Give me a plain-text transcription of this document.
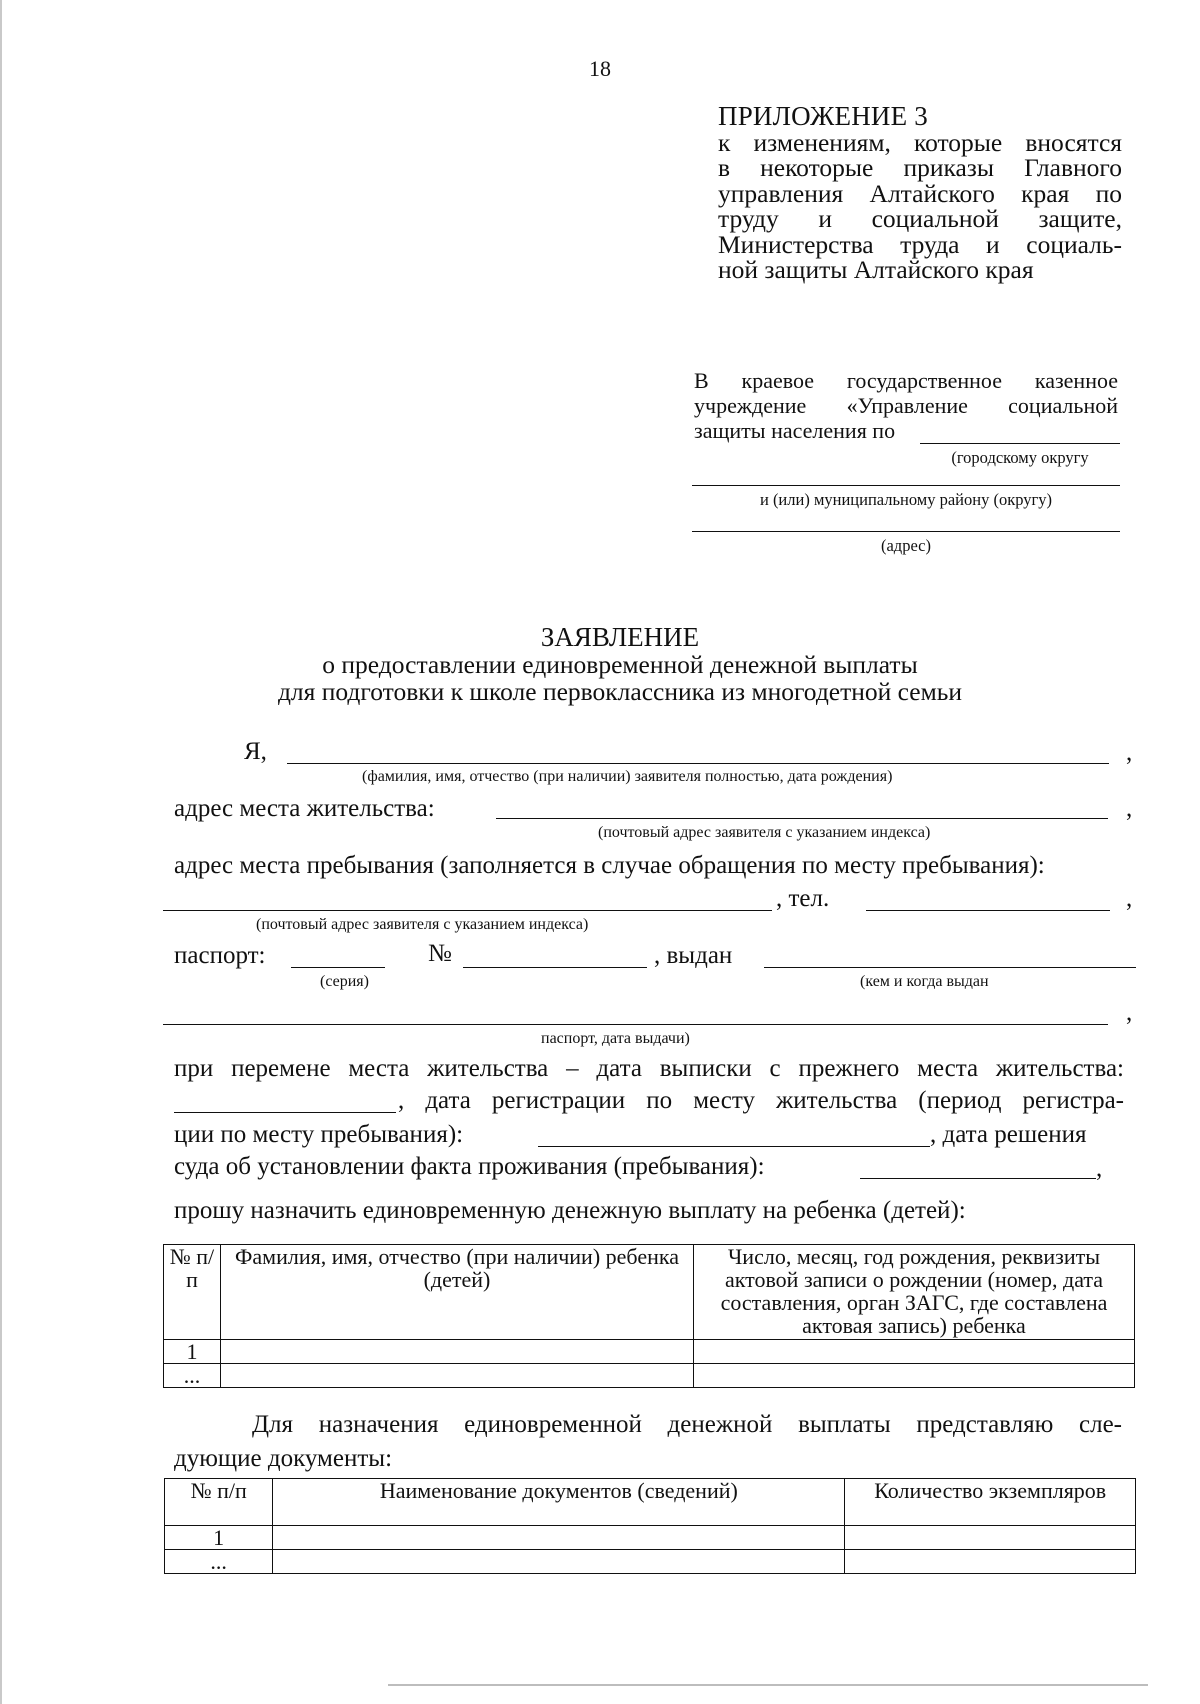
18
ПРИЛОЖЕНИЕ 3
к изменениям, которые вносятся
в некоторые приказы Главного
управления Алтайского края по
труду и социальной защите,
Министерства труда и социаль-
ной защиты Алтайского края
В краевое государственное казенное
учреждение «Управление социальной
защиты населения по
(городскому округу
и (или) муниципальному району (округу)
(адрес)
ЗАЯВЛЕНИЕ
о предоставлении единовременной денежной выплаты
для подготовки к школе первоклассника из многодетной семьи
Я,	,
(фамилия, имя, отчество (при наличии) заявителя полностью, дата рождения)
адрес места жительства:	,
(почтовый адрес заявителя с указанием индекса)
адрес места пребывания (заполняется в случае обращения по месту пребывания):
, тел.	,
(почтовый адрес заявителя с указанием индекса)
паспорт:	№	, выдан
(серия)	(кем и когда выдан
,
паспорт, дата выдачи)
при перемене места жительства – дата выписки с прежнего места жительства:
, дата регистрации по месту жительства (период регистра-
ции по месту пребывания):	, дата решения
суда об установлении факта проживания (пребывания):	,
прошу назначить единовременную денежную выплату на ребенка (детей):
№ п/п	Фамилия, имя, отчество (при наличии) ребенка (детей)	Число, месяц, год рождения, реквизиты актовой записи о рождении (номер, дата составления, орган ЗАГС, где составлена актовая запись) ребенка
1		
...		
Для назначения единовременной денежной выплаты представляю сле-
дующие документы:
№ п/п	Наименование документов (сведений)	Количество экземпляров
1		
...		
